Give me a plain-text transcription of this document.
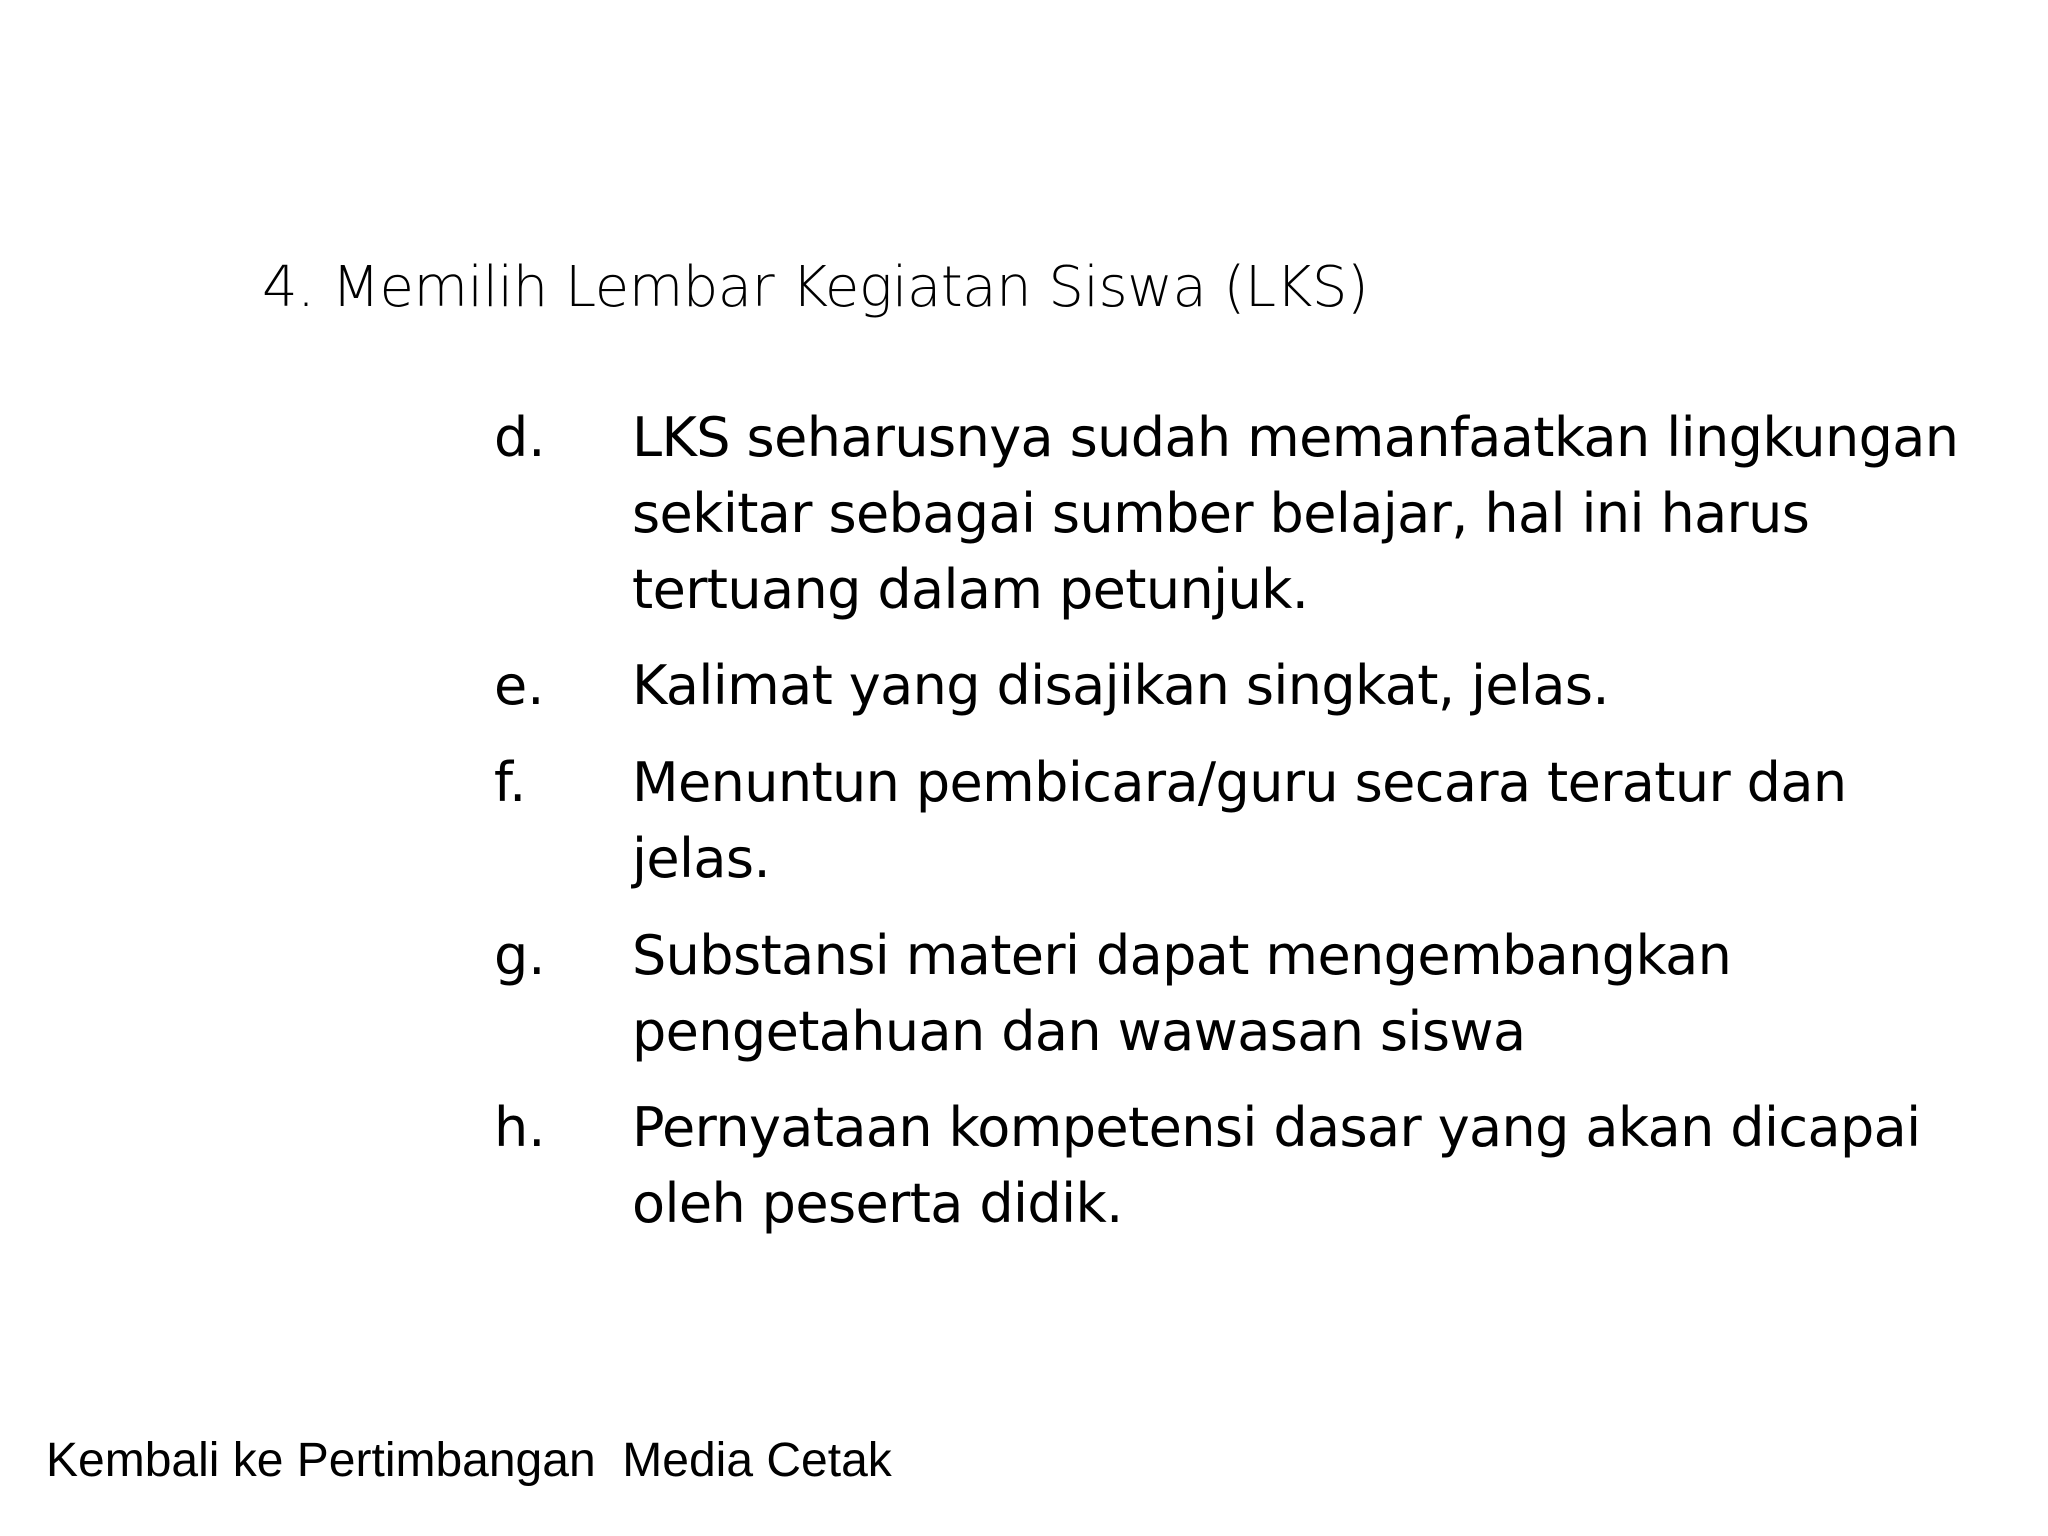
4. Memilih Lembar Kegiatan Siswa (LKS)
d. LKS seharusnya sudah memanfaatkan lingkungan
sekitar sebagai sumber belajar, hal ini harus
tertuang dalam petunjuk.
e. Kalimat yang disajikan singkat, jelas.
f. Menuntun pembicara/guru secara teratur dan
jelas.
g. Substansi materi dapat mengembangkan
pengetahuan dan wawasan siswa
h. Pernyataan kompetensi dasar yang akan dicapai
oleh peserta didik.
Kembali ke Pertimbangan  Media Cetak
